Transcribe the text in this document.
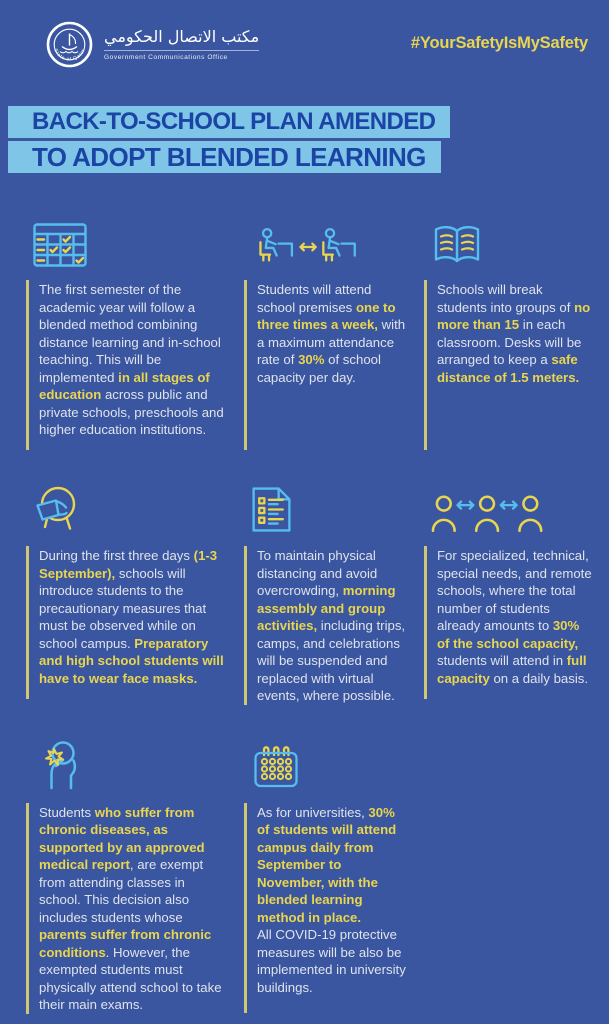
State of Qatar
مكتب الاتصال الحكومي
Government Communications Office
#YourSafetyIsMySafety
BACK-TO-SCHOOL PLAN AMENDED
TO ADOPT BLENDED LEARNING
The first semester of the academic year will follow a blended method combining distance learning and in-school teaching. This will be implemented in all stages of education across public and private schools, preschools and higher education institutions.
Students will attend school premises one to three times a week, with a maximum attendance rate of 30% of school capacity per day.
Schools will break students into groups of no more than 15 in each classroom. Desks will be arranged to keep a safe distance of 1.5 meters.
During the first three days (1-3 September), schools will introduce students to the precautionary measures that must be observed while on school campus. Preparatory and high school students will have to wear face masks.
To maintain physical distancing and avoid overcrowding, morning assembly and group activities, including trips, camps, and celebrations will be suspended and replaced with virtual events, where possible.
For specialized, technical, special needs, and remote schools, where the total number of students already amounts to 30% of the school capacity, students will attend in full capacity on a daily basis.
Students who suffer from chronic diseases, as supported by an approved medical report, are exempt from attending classes in school. This decision also includes students whose parents suffer from chronic conditions. However, the exempted students must physically attend school to take their main exams.
As for universities, 30% of students will attend campus daily from September to November, with the blended learning method in place.
All COVID-19 protective measures will be also be implemented in university buildings.
